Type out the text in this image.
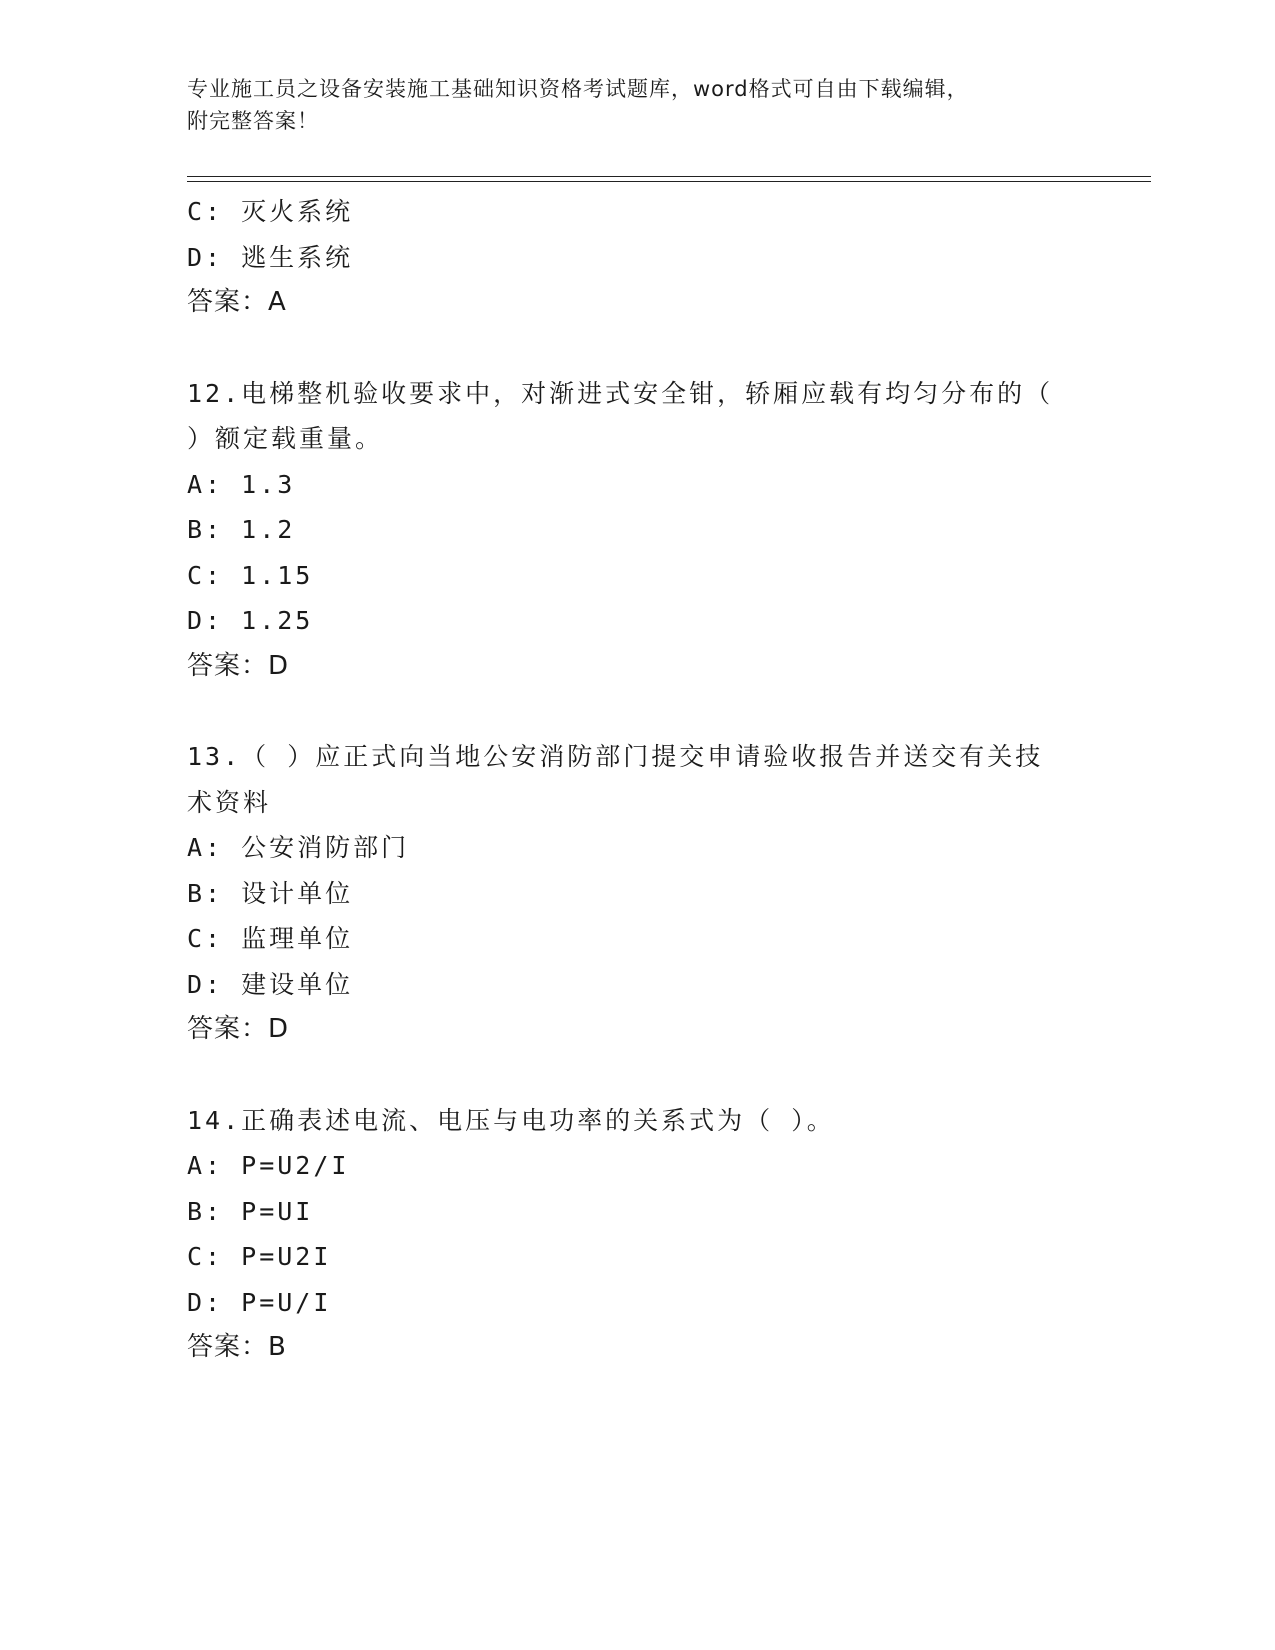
专业施工员之设备安装施工基础知识资格考试题库，word格式可自由下载编辑，
附完整答案！
C: 灭火系统
D: 逃生系统
答案：A
12.电梯整机验收要求中，对渐进式安全钳，轿厢应载有均匀分布的（ ）额定载重量。
A: 1.3
B: 1.2
C: 1.15
D: 1.25
答案：D
13.（ ）应正式向当地公安消防部门提交申请验收报告并送交有关技术资料
A: 公安消防部门
B: 设计单位
C: 监理单位
D: 建设单位
答案：D
14.正确表述电流、电压与电功率的关系式为（ ）。
A: P=U2/I
B: P=UI
C: P=U2I
D: P=U/I
答案：B
